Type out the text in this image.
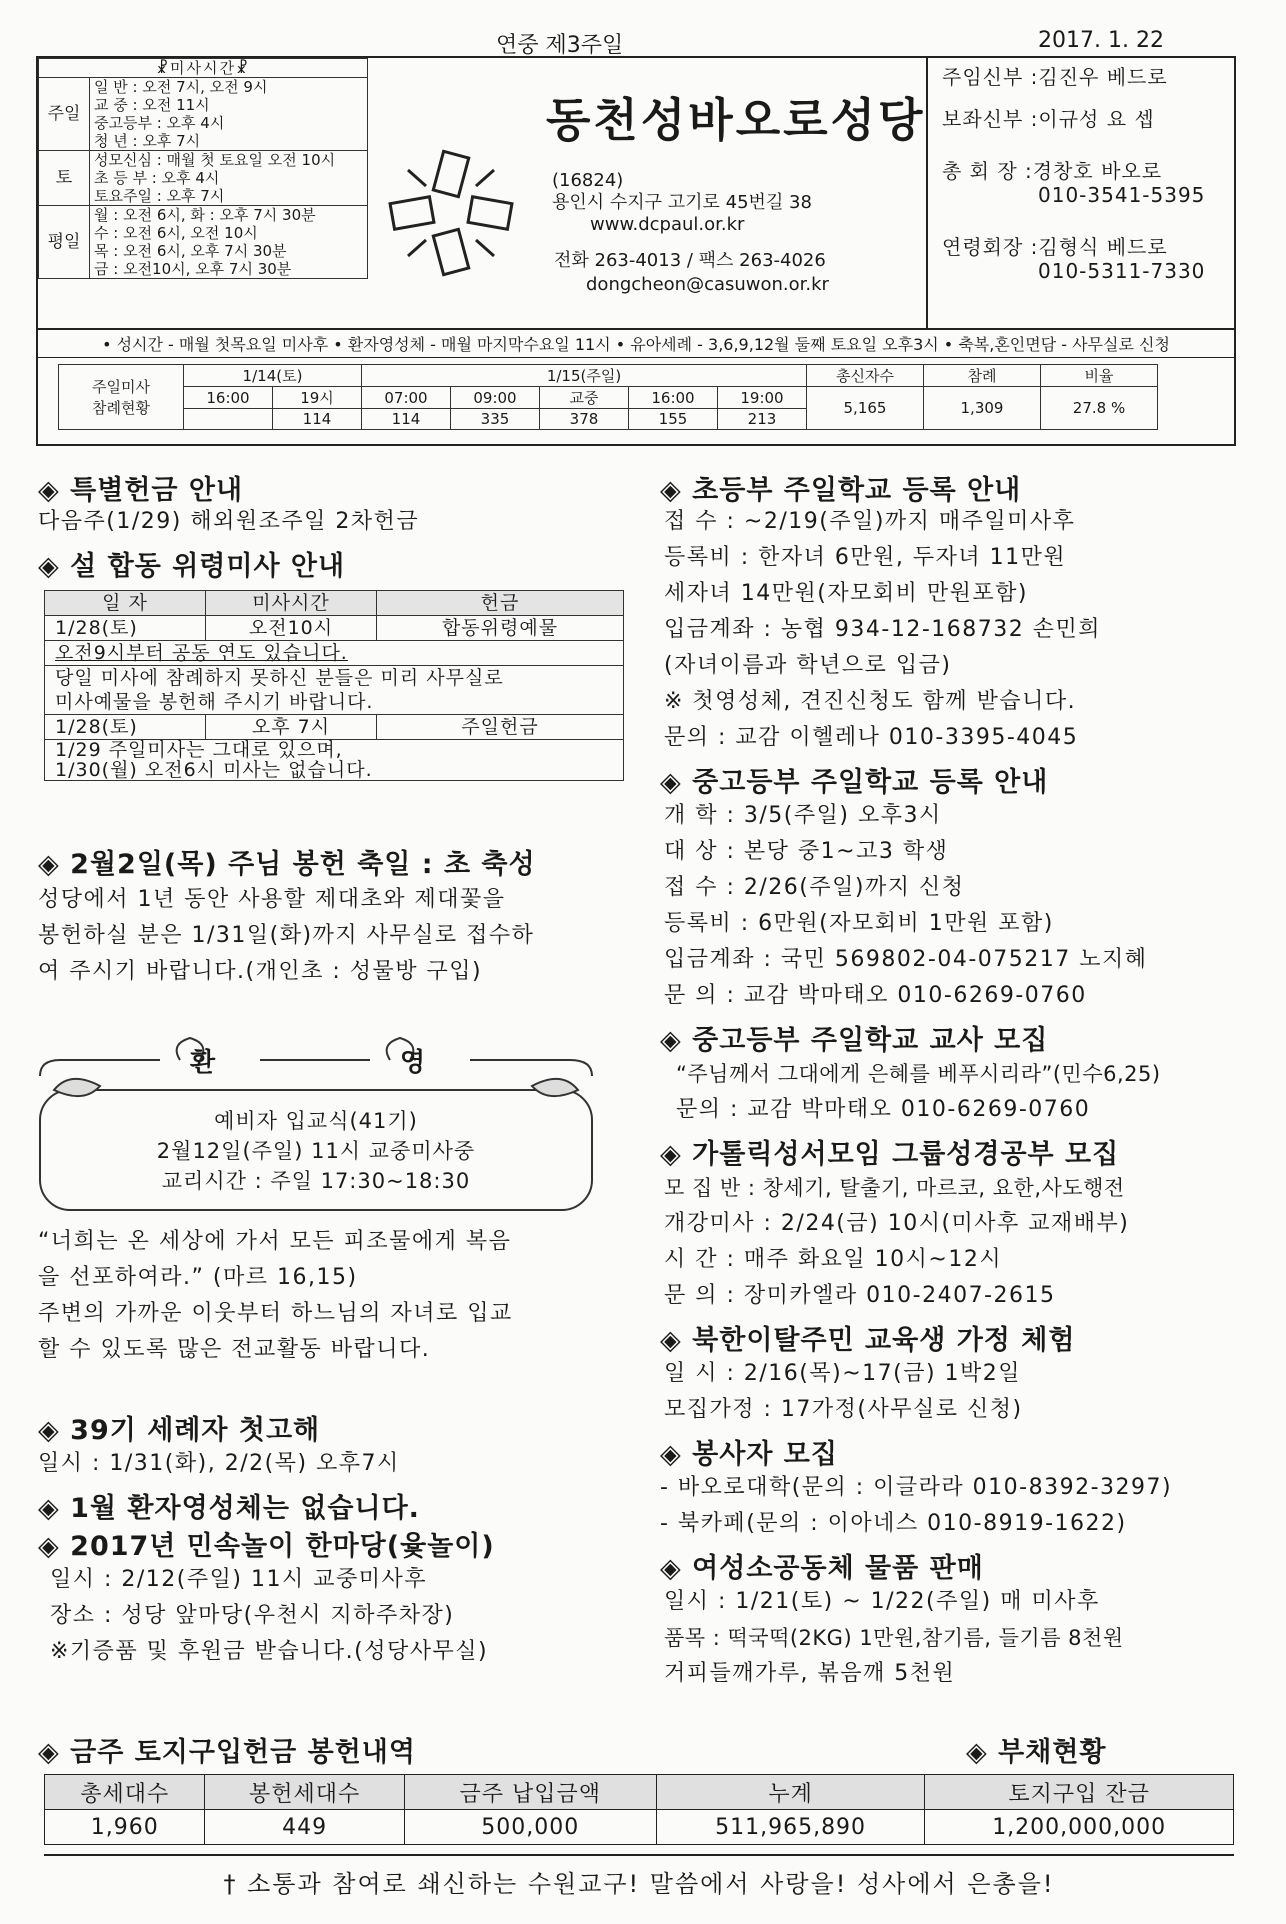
연중 제3주일	2017. 1. 22
☧미사시간☧	
주일	일 반 : 오전 7시, 오전 9시
교 중 : 오전 11시
중고등부 : 오후 4시
청 년 : 오후 7시

토	성모신심 : 매월 첫 토요일 오전 10시
초 등 부 : 오후 4시
토요주일 : 오후 7시

평일	월 : 오전 6시, 화 : 오후 7시 30분
수 : 오전 6시, 오전 10시
목 : 오전 6시, 오후 7시 30분
금 : 오전10시, 오후 7시 30분
동천성바오로성당
(16824)
용인시 수지구 고기로 45번길 38
www.dcpaul.or.kr
전화 263-4013 / 팩스 263-4026
dongcheon@casuwon.or.kr
주임신부 :김진우 베드로
보좌신부 :이규성 요 셉
총 회 장 :경창호 바오로
010-3541-5395
연령회장 :김형식 베드로
010-5311-7330
• 성시간 - 매월 첫목요일 미사후 • 환자영성체 - 매월 마지막수요일 11시 • 유아세례 - 3,6,9,12월 둘째 토요일 오후3시 • 축복,혼인면담 - 사무실로 신청
주일미사
참례현황	1/14(토)		1/15(주일)					총신자수	참례	비율
	16:00	19시	07:00	09:00	교중	16:00	19:00	5,165	1,309	27.8 %
		114	114	335	378	155	213			
◈ 특별헌금 안내
다음주(1/29) 해외원조주일 2차헌금
◈ 설 합동 위령미사 안내
일 자	미사시간	헌금
1/28(토)	오전10시	합동위령예물
오전9시부터 공동 연도 있습니다.		

당일 미사에 참례하지 못하신 분들은 미리 사무실로
미사예물을 봉헌해 주시기 바랍니다.		

1/28(토)	오후 7시	주일헌금

1/29 주일미사는 그대로 있으며,
1/30(월) 오전6시 미사는 없습니다.		
◈ 2월2일(목) 주님 봉헌 축일 : 초 축성
성당에서 1년 동안 사용할 제대초와 제대꽃을
봉헌하실 분은 1/31일(화)까지 사무실로 접수하
여 주시기 바랍니다.(개인초 : 성물방 구입)
환	영
예비자 입교식(41기)
2월12일(주일) 11시 교중미사중
교리시간 : 주일 17:30~18:30
“너희는 온 세상에 가서 모든 피조물에게 복음
을 선포하여라.” (마르 16,15)
주변의 가까운 이웃부터 하느님의 자녀로 입교
할 수 있도록 많은 전교활동 바랍니다.
◈ 39기 세례자 첫고해
일시 : 1/31(화), 2/2(목) 오후7시
◈ 1월 환자영성체는 없습니다.
◈ 2017년 민속놀이 한마당(윷놀이)
일시 : 2/12(주일) 11시 교중미사후
장소 : 성당 앞마당(우천시 지하주차장)
※기증품 및 후원금 받습니다.(성당사무실)
◈ 초등부 주일학교 등록 안내
접 수 : ~2/19(주일)까지 매주일미사후
등록비 : 한자녀 6만원, 두자녀 11만원
세자녀 14만원(자모회비 만원포함)
입금계좌 : 농협 934-12-168732 손민희
(자녀이름과 학년으로 입금)
※ 첫영성체, 견진신청도 함께 받습니다.
문의 : 교감 이헬레나 010-3395-4045
◈ 중고등부 주일학교 등록 안내
개 학 : 3/5(주일) 오후3시
대 상 : 본당 중1~고3 학생
접 수 : 2/26(주일)까지 신청
등록비 : 6만원(자모회비 1만원 포함)
입금계좌 : 국민 569802-04-075217 노지혜
문 의 : 교감 박마태오 010-6269-0760
◈ 중고등부 주일학교 교사 모집
“주님께서 그대에게 은혜를 베푸시리라”(민수6,25)
문의 : 교감 박마태오 010-6269-0760
◈ 가톨릭성서모임 그룹성경공부 모집
모 집 반 : 창세기, 탈출기, 마르코, 요한,사도행전
개강미사 : 2/24(금) 10시(미사후 교재배부)
시 간 : 매주 화요일 10시~12시
문 의 : 장미카엘라 010-2407-2615
◈ 북한이탈주민 교육생 가정 체험
일 시 : 2/16(목)~17(금) 1박2일
모집가정 : 17가정(사무실로 신청)
◈ 봉사자 모집
- 바오로대학(문의 : 이글라라 010-8392-3297)
- 북카페(문의 : 이아네스 010-8919-1622)
◈ 여성소공동체 물품 판매
일시 : 1/21(토) ~ 1/22(주일) 매 미사후
품목 : 떡국떡(2KG) 1만원,참기름, 들기름 8천원
거피들깨가루, 볶음깨 5천원
◈ 금주 토지구입헌금 봉헌내역	◈ 부채현황
총세대수	봉헌세대수	금주 납입금액	누계	토지구입 잔금
1,960	449	500,000	511,965,890	1,200,000,000
† 소통과 참여로 쇄신하는 수원교구! 말씀에서 사랑을! 성사에서 은총을!
